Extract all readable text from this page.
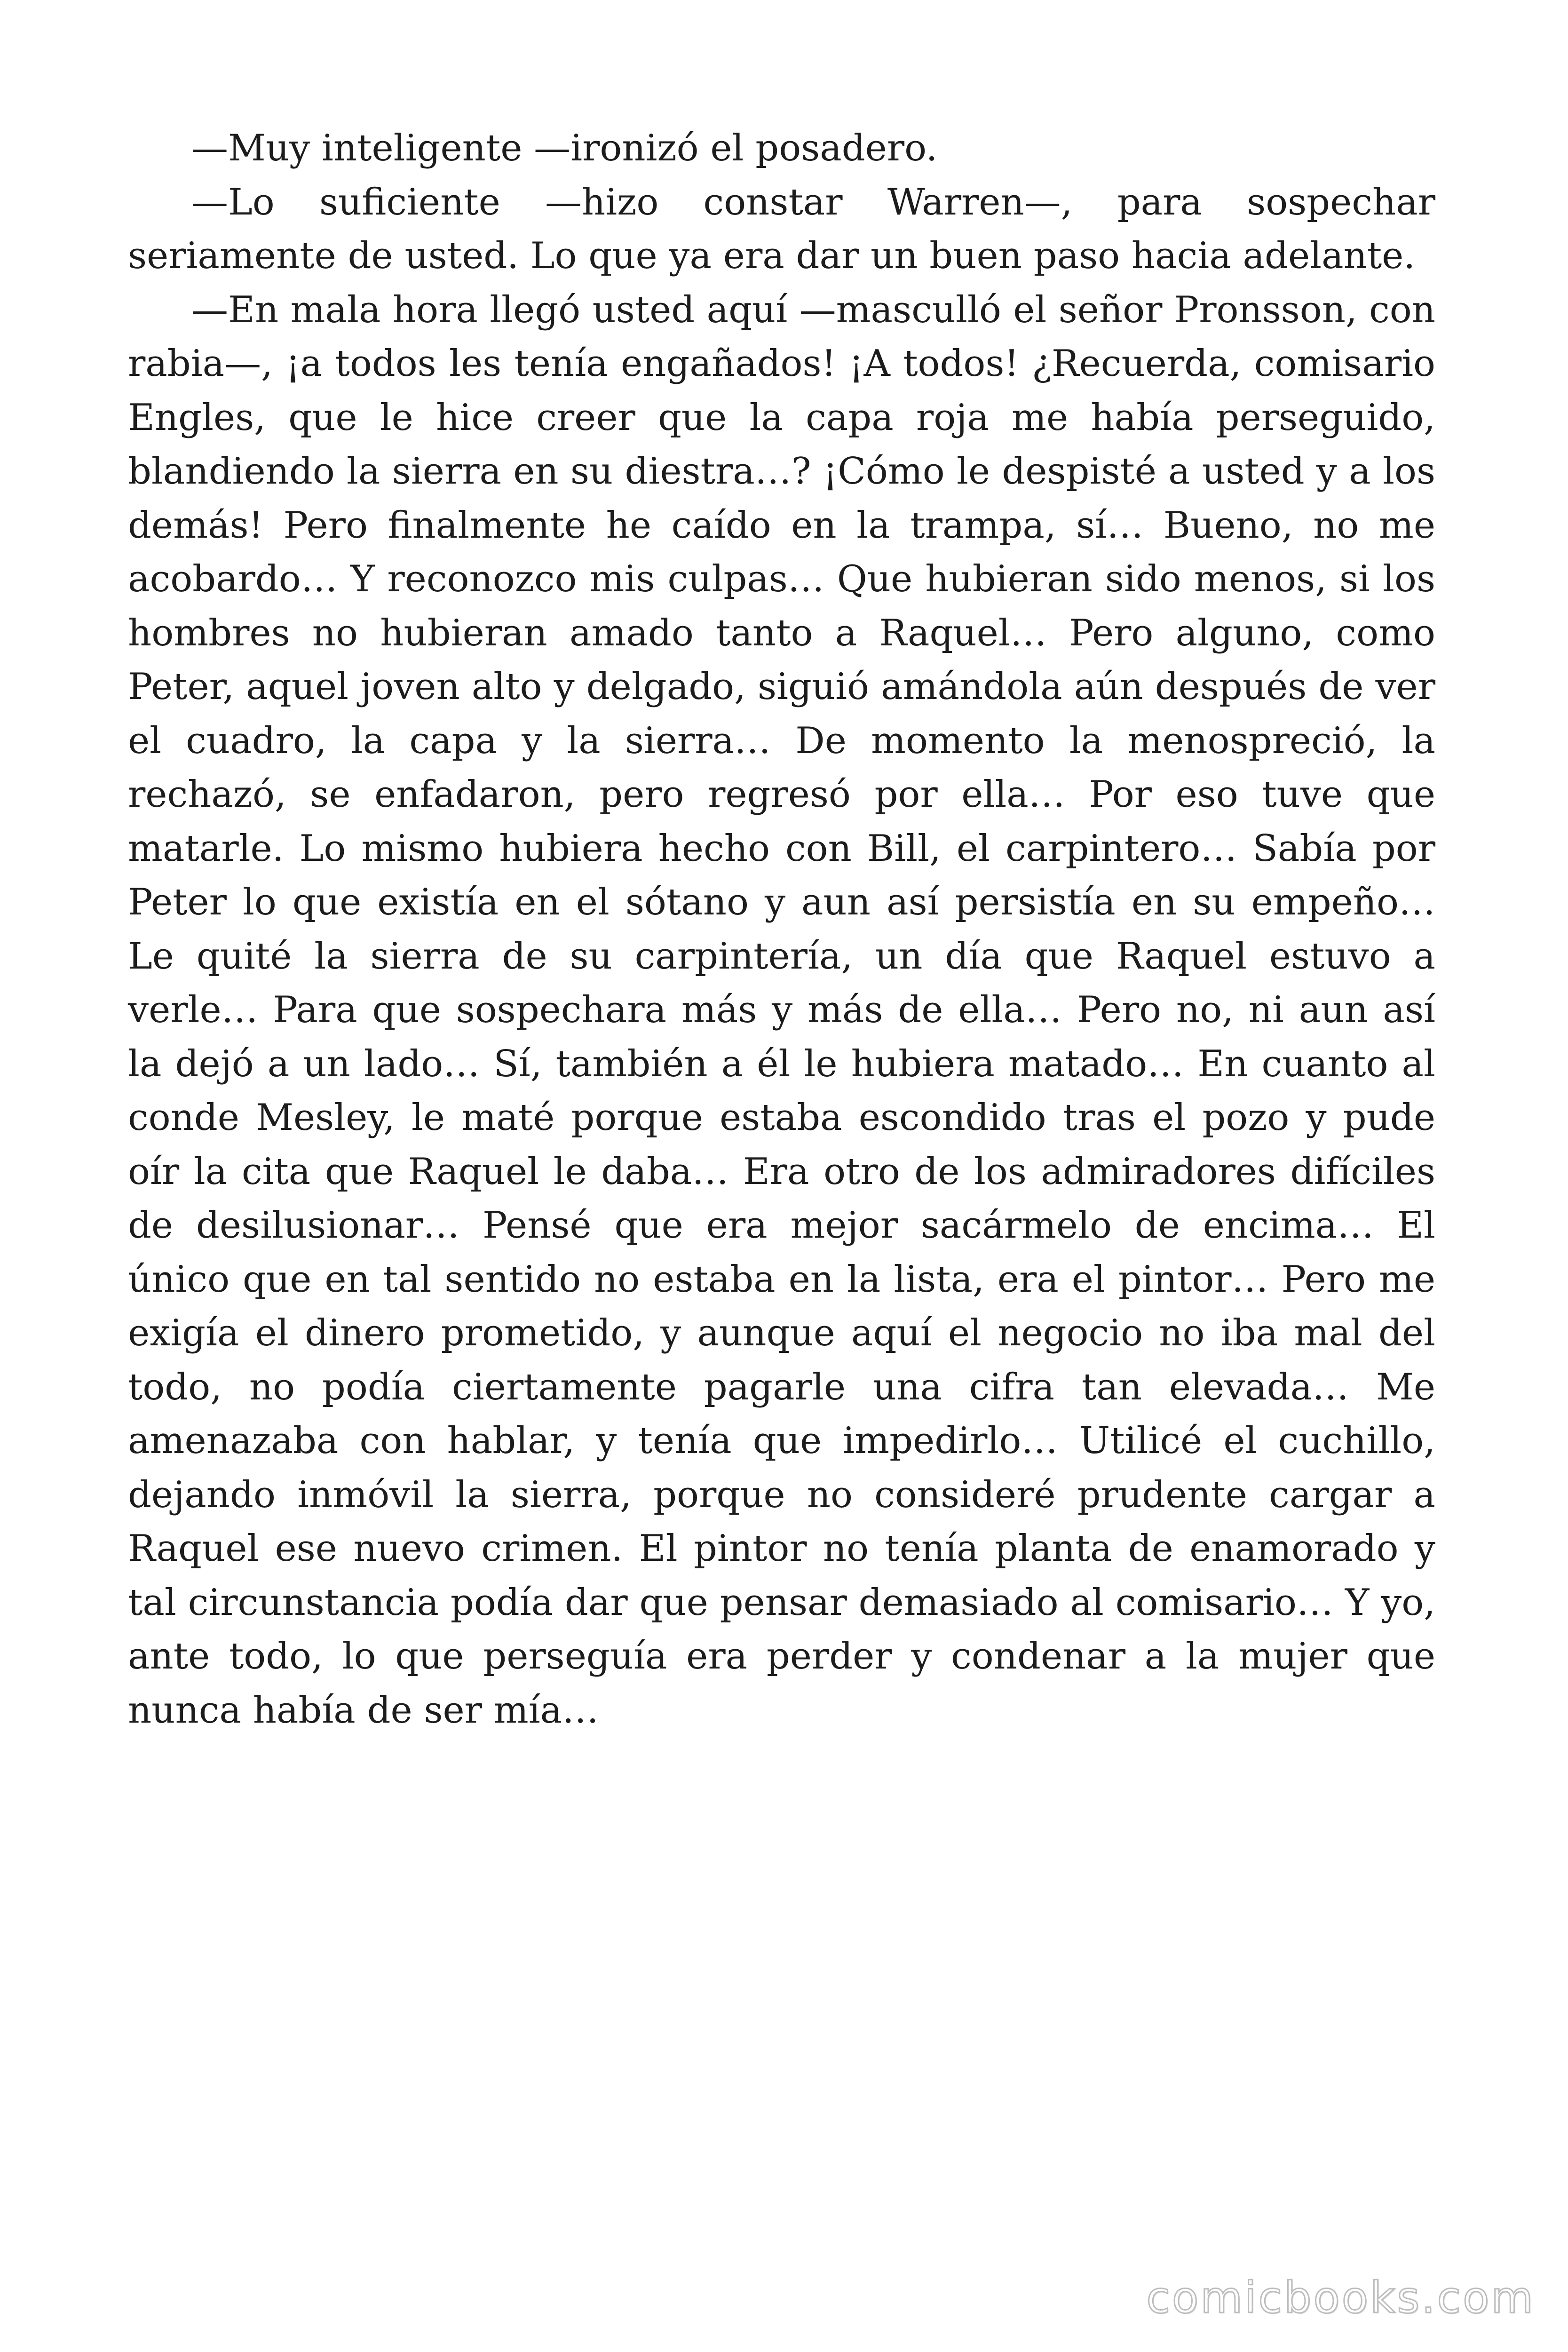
—Muy inteligente —ironizó el posadero.

—Lo suficiente —hizo constar Warren—, para sospechar seriamente de usted. Lo que ya era dar un buen paso hacia adelante.

—En mala hora llegó usted aquí —masculló el señor Pronsson, con rabia—, ¡a todos les tenía engañados! ¡A todos! ¿Recuerda, comisario Engles, que le hice creer que la capa roja me había perseguido, blandiendo la sierra en su diestra…? ¡Cómo le despisté a usted y a los demás! Pero finalmente he caído en la trampa, sí… Bueno, no me acobardo… Y reconozco mis culpas… Que hubieran sido menos, si los hombres no hubieran amado tanto a Raquel… Pero alguno, como Peter, aquel joven alto y delgado, siguió amándola aún después de ver el cuadro, la capa y la sierra… De momento la menospreció, la rechazó, se enfadaron, pero regresó por ella… Por eso tuve que matarle. Lo mismo hubiera hecho con Bill, el carpintero… Sabía por Peter lo que existía en el sótano y aun así persistía en su empeño… Le quité la sierra de su carpintería, un día que Raquel estuvo a verle… Para que sospechara más y más de ella… Pero no, ni aun así la dejó a un lado… Sí, también a él le hubiera matado… En cuanto al conde Mesley, le maté porque estaba escondido tras el pozo y pude oír la cita que Raquel le daba… Era otro de los admiradores difíciles de desilusionar… Pensé que era mejor sacármelo de encima… El único que en tal sentido no estaba en la lista, era el pintor… Pero me exigía el dinero prometido, y aunque aquí el negocio no iba mal del todo, no podía ciertamente pagarle una cifra tan elevada… Me amenazaba con hablar, y tenía que impedirlo… Utilicé el cuchillo, dejando inmóvil la sierra, porque no consideré prudente cargar a Raquel ese nuevo crimen. El pintor no tenía planta de enamorado y tal circunstancia podía dar que pensar demasiado al comisario… Y yo, ante todo, lo que perseguía era perder y condenar a la mujer que nunca había de ser mía…

comicbooks.com
